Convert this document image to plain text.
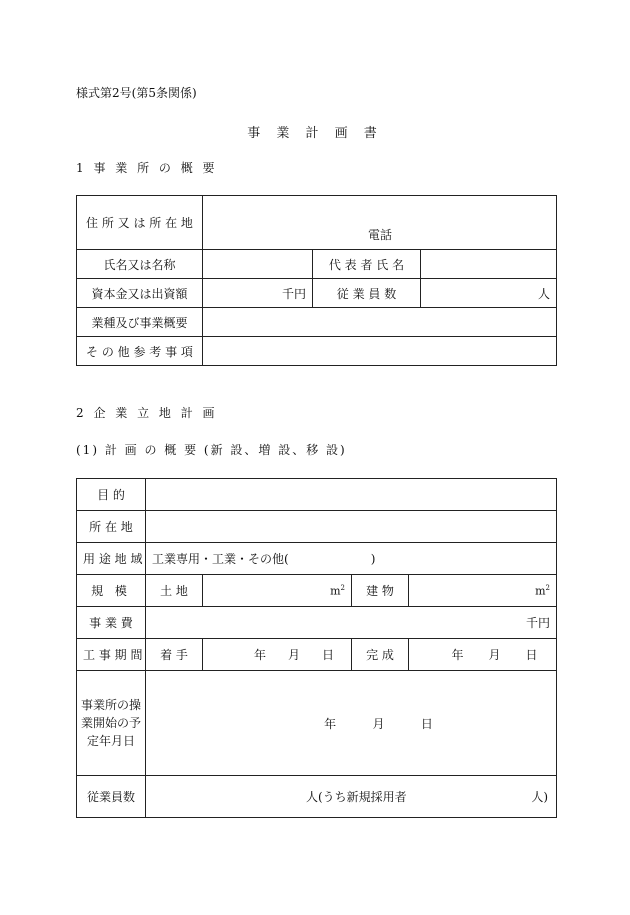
様式第2号(第5条関係)
事 業 計 画 書
1 事 業 所 の 概 要
住 所 又 は 所 在 地	電話		

氏名又は名称		代 表 者 氏 名	
資本金又は出資額	千円	従 業 員 数	人
業種及び事業概要			
そ の 他 参 考 事 項			
2 企 業 立 地 計 画
(1) 計 画 の 概 要 (新 設、増 設、移 設)
目 的				
所 在 地				
用 途 地 域	工業専用・工業・その他( )			
規 模	土 地	$m^2$	建 物	$m^2$
事 業 費	千円			
工 事 期 間	着 手	年 月 日	完 成	年 月 日

事業所の操業開始の予定年月日	年 月 日			

従業員数	人(うち新規採用者 人)			
